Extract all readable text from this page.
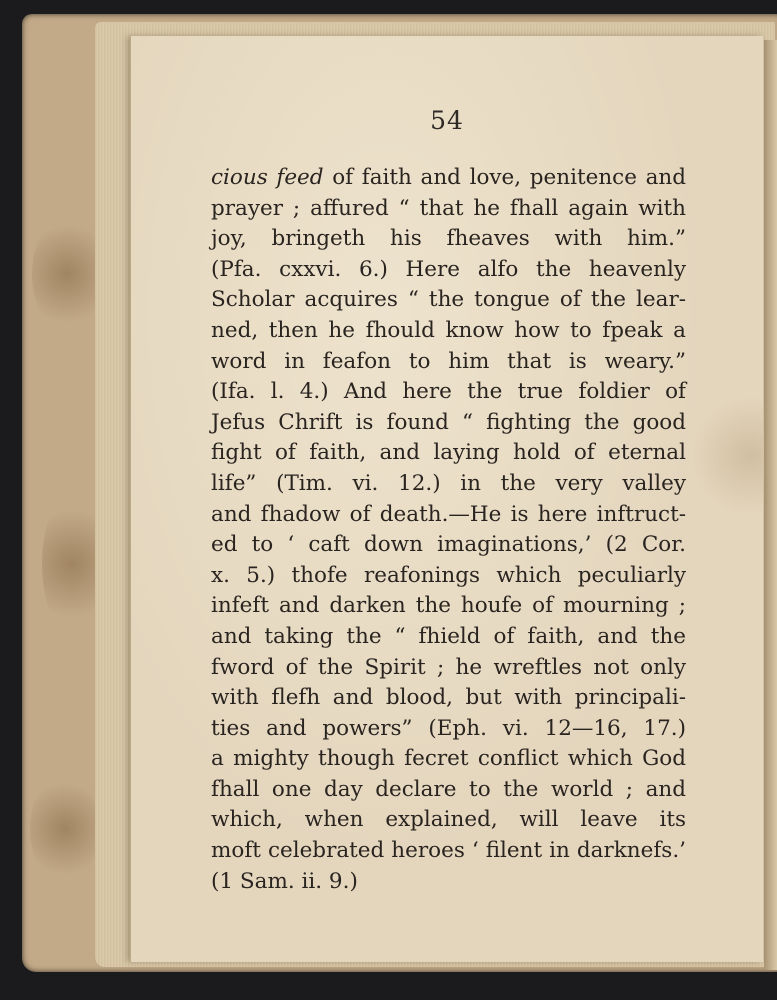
54
cious feed of faith and love, penitence and
prayer ; affured “ that he fhall again with
joy, bringeth his fheaves with him.”
(Pfa. cxxvi. 6.) Here alfo the heavenly
Scholar acquires “ the tongue of the lear-
ned, then he fhould know how to fpeak a
word in feafon to him that is weary.”
(Ifa. l. 4.) And here the true foldier of
Jefus Chrift is found “ fighting the good
fight of faith, and laying hold of eternal
life” (Tim. vi. 12.) in the very valley
and fhadow of death.—He is here inftruct-
ed to ‘ caft down imaginations,’ (2 Cor.
x. 5.) thofe reafonings which peculiarly
infeft and darken the houfe of mourning ;
and taking the “ fhield of faith, and the
fword of the Spirit ; he wreftles not only
with flefh and blood, but with principali-
ties and powers” (Eph. vi. 12—16, 17.)
a mighty though fecret conflict which God
fhall one day declare to the world ; and
which, when explained, will leave its
moft celebrated heroes ‘ filent in darknefs.’
(1 Sam. ii. 9.)
